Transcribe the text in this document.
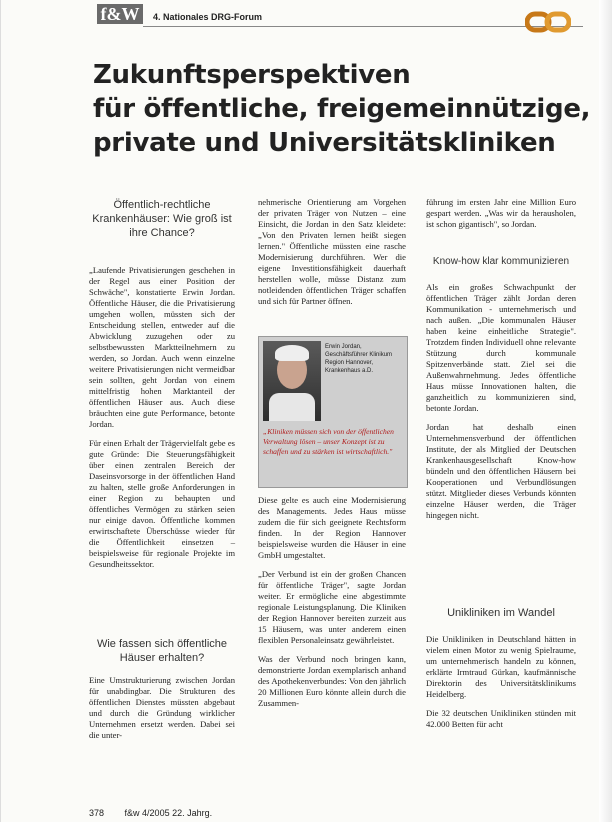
f&W	4. Nationales DRG-Forum
Zukunftsperspektiven
für öffentliche, freigemeinnützige,
private und Universitätskliniken

Öffentlich-rechtliche Krankenhäuser: Wie groß ist ihre Chance?

„Laufende Privatisierungen geschehen in der Regel aus einer Position der Schwäche", konstatierte Erwin Jordan. Öffentliche Häuser, die die Privatisierung umgehen wollen, müssten sich der Entscheidung stellen, entweder auf die Abwicklung zuzugehen oder zu selbstbewussten Marktteilnehmern zu werden, so Jordan. Auch wenn einzelne weitere Privatisierungen nicht vermeidbar sein sollten, geht Jordan von einem mittelfristig hohen Marktanteil der öffentlichen Häuser aus. Auch diese bräuchten eine gute Performance, betonte Jordan.

Für einen Erhalt der Trägervielfalt gebe es gute Gründe: Die Steuerungsfähigkeit über einen zentralen Bereich der Daseinsvorsorge in der öffentlichen Hand zu halten, stelle große Anforderungen in einer Region zu behaupten und öffentliches Vermögen zu stärken seien nur einige davon. Öffentliche kommen erwirtschaftete Überschüsse wieder für die Öffentlichkeit einsetzen – beispielsweise für regionale Projekte im Gesundheitssektor.

Wie fassen sich öffentliche Häuser erhalten?

Eine Umstrukturierung zwischen Jordan für unabdingbar. Die Strukturen des öffentlichen Dienstes müssten abgebaut und durch die Gründung wirklicher Unternehmen ersetzt werden. Dabei sei die unter-

nehmerische Orientierung am Vorgehen der privaten Träger von Nutzen – eine Einsicht, die Jordan in den Satz kleidete: „Von den Privaten lernen heißt siegen lernen." Öffentliche müssten eine rasche Modernisierung durchführen. Wer die eigene Investitionsfähigkeit dauerhaft herstellen wolle, müsse Distanz zum notleidenden öffentlichen Träger schaffen und sich für Partner öffnen.

Erwin Jordan, Geschäftsführer Klinikum Region Hannover, Krankenhaus a.D.
„Kliniken müssen sich von der öffentlichen Verwaltung lösen – unser Konzept ist zu schaffen und zu stärken ist wirtschaftlich."

Diese gelte es auch eine Modernisierung des Managements. Jedes Haus müsse zudem die für sich geeignete Rechtsform finden. In der Region Hannover beispielsweise wurden die Häuser in eine GmbH umgestaltet.

„Der Verbund ist ein der großen Chancen für öffentliche Träger", sagte Jordan weiter. Er ermögliche eine abgestimmte regionale Leistungsplanung. Die Kliniken der Region Hannover bereiten zurzeit aus 15 Häusern, was unter anderem einen flexiblen Personaleinsatz gewährleistet.

Was der Verbund noch bringen kann, demonstrierte Jordan exemplarisch anhand des Apothekenverbundes: Von den jährlich 20 Millionen Euro könnte allein durch die Zusammen-

führung im ersten Jahr eine Million Euro gespart werden. „Was wir da herausholen, ist schon gigantisch", so Jordan.

Know-how klar kommunizieren

Als ein großes Schwachpunkt der öffentlichen Träger zählt Jordan deren Kommunikation - unternehmerisch und nach außen. „Die kommunalen Häuser haben keine einheitliche Strategie". Trotzdem finden Individuell ohne relevante Stützung durch kommunale Spitzenverbände statt. Ziel sei die Außenwahrnehmung. Jedes öffentliche Haus müsse Innovationen halten, die ganzheitlich zu kommunizieren sind, betonte Jordan.

Jordan hat deshalb einen Unternehmensverbund der öffentlichen Institute, der als Mitglied der Deutschen Krankenhausgesellschaft Know-how bündeln und den öffentlichen Häusern bei Kooperationen und Verbundlösungen stützt. Mitglieder dieses Verbunds könnten einzelne Häuser werden, die Träger hingegen nicht.

Unikliniken im Wandel

Die Unikliniken in Deutschland hätten in vielem einen Motor zu wenig Spielraume, um unternehmerisch handeln zu können, erklärte Irmtraud Gürkan, kaufmännische Direktorin des Universitätsklinikums Heidelberg.

Die 32 deutschen Unikliniken stünden mit 42.000 Betten für acht

378 f&w 4/2005 22. Jahrg.
